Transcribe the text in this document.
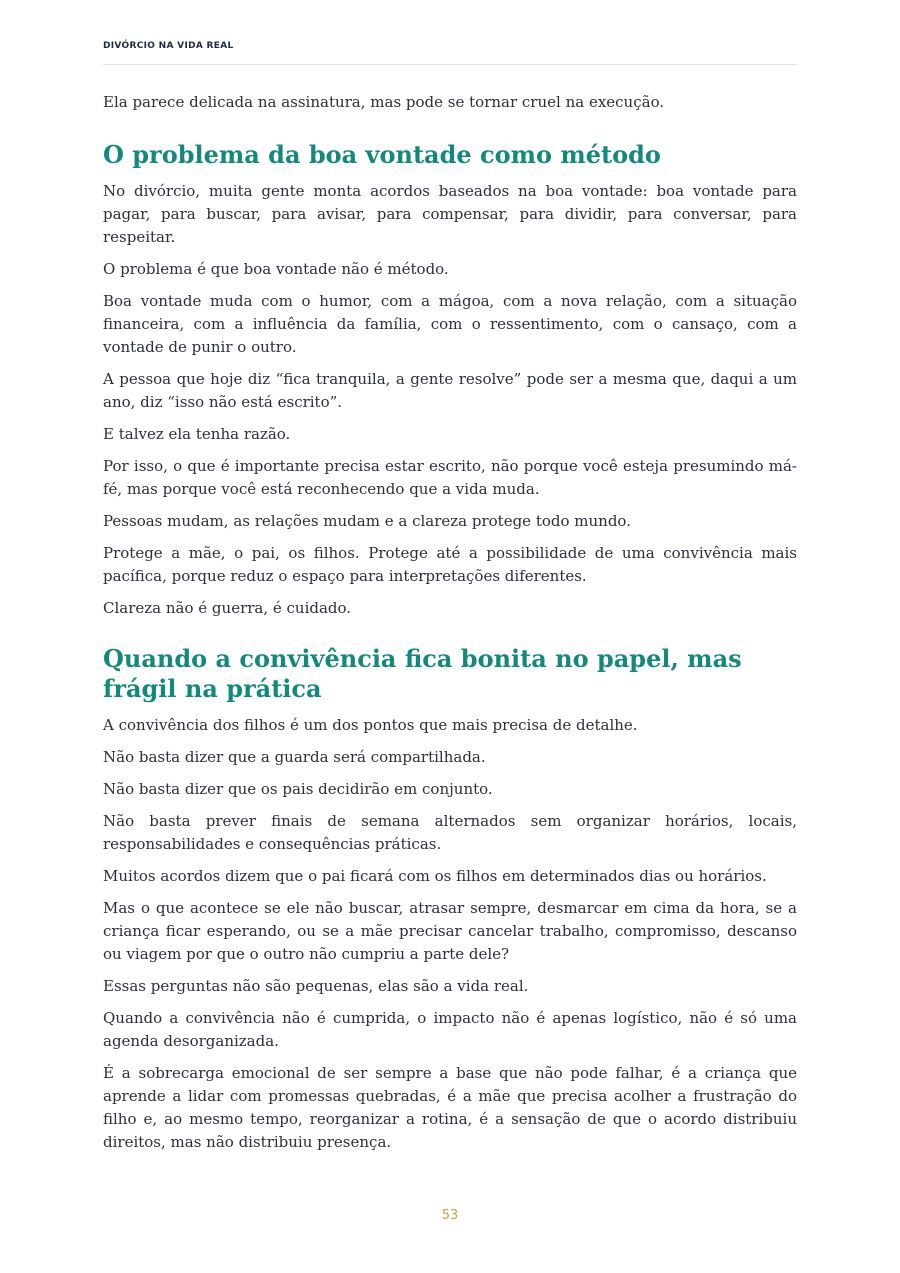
DIVÓRCIO NA VIDA REAL

Ela parece delicada na assinatura, mas pode se tornar cruel na execução.

O problema da boa vontade como método

No divórcio, muita gente monta acordos baseados na boa vontade: boa vontade para pagar, para buscar, para avisar, para compensar, para dividir, para conversar, para respeitar.

O problema é que boa vontade não é método.

Boa vontade muda com o humor, com a mágoa, com a nova relação, com a situação financeira, com a influência da família, com o ressentimento, com o cansaço, com a vontade de punir o outro.

A pessoa que hoje diz “fica tranquila, a gente resolve” pode ser a mesma que, daqui a um ano, diz “isso não está escrito”.

E talvez ela tenha razão.

Por isso, o que é importante precisa estar escrito, não porque você esteja presumindo má-fé, mas porque você está reconhecendo que a vida muda.

Pessoas mudam, as relações mudam e a clareza protege todo mundo.

Protege a mãe, o pai, os filhos. Protege até a possibilidade de uma convivência mais pacífica, porque reduz o espaço para interpretações diferentes.

Clareza não é guerra, é cuidado.

Quando a convivência fica bonita no papel, mas frágil na prática

A convivência dos filhos é um dos pontos que mais precisa de detalhe.

Não basta dizer que a guarda será compartilhada.

Não basta dizer que os pais decidirão em conjunto.

Não basta prever finais de semana alternados sem organizar horários, locais, responsabilidades e consequências práticas.

Muitos acordos dizem que o pai ficará com os filhos em determinados dias ou horários.

Mas o que acontece se ele não buscar, atrasar sempre, desmarcar em cima da hora, se a criança ficar esperando, ou se a mãe precisar cancelar trabalho, compromisso, descanso ou viagem por que o outro não cumpriu a parte dele?

Essas perguntas não são pequenas, elas são a vida real.

Quando a convivência não é cumprida, o impacto não é apenas logístico, não é só uma agenda desorganizada.

É a sobrecarga emocional de ser sempre a base que não pode falhar, é a criança que aprende a lidar com promessas quebradas, é a mãe que precisa acolher a frustração do filho e, ao mesmo tempo, reorganizar a rotina, é a sensação de que o acordo distribuiu direitos, mas não distribuiu presença.

53
